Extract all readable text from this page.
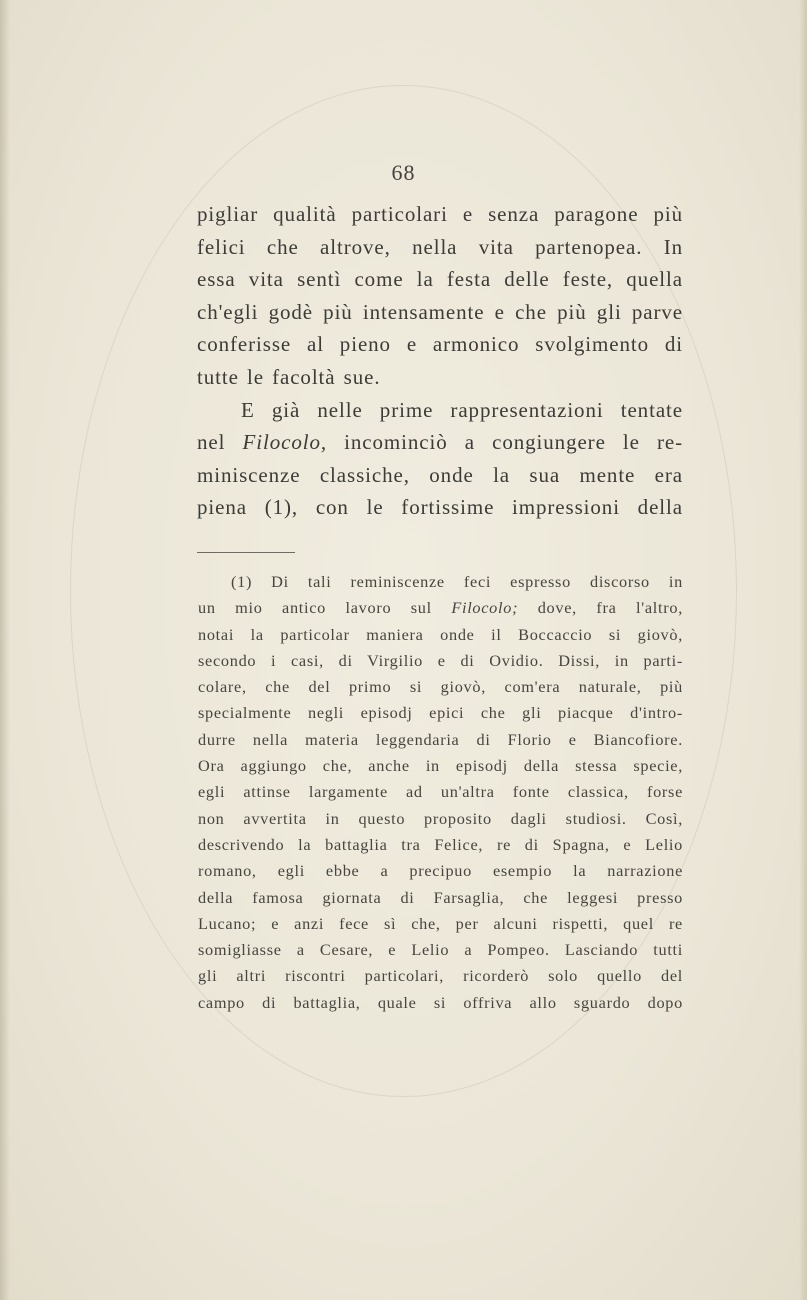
68

pigliar qualità particolari e senza paragone più

felici che altrove, nella vita partenopea. In

essa vita sentì come la festa delle feste, quella

ch'egli godè più intensamente e che più gli parve

conferisse al pieno e armonico svolgimento di

tutte le facoltà sue.

E già nelle prime rappresentazioni tentate

nel Filocolo, incominciò a congiungere le re-

miniscenze classiche, onde la sua mente era

piena (1), con le fortissime impressioni della

(1) Di tali reminiscenze feci espresso discorso in
un mio antico lavoro sul Filocolo; dove, fra l'altro,
notai la particolar maniera onde il Boccaccio si giovò,
secondo i casi, di Virgilio e di Ovidio. Dissi, in parti-
colare, che del primo si giovò, com'era naturale, più
specialmente negli episodj epici che gli piacque d'intro-
durre nella materia leggendaria di Florio e Biancofiore.
Ora aggiungo che, anche in episodj della stessa specie,
egli attinse largamente ad un'altra fonte classica, forse
non avvertita in questo proposito dagli studiosi. Così,
descrivendo la battaglia tra Felice, re di Spagna, e Lelio
romano, egli ebbe a precipuo esempio la narrazione
della famosa giornata di Farsaglia, che leggesi presso
Lucano; e anzi fece sì che, per alcuni rispetti, quel re
somigliasse a Cesare, e Lelio a Pompeo. Lasciando tutti
gli altri riscontri particolari, ricorderò solo quello del
campo di battaglia, quale si offriva allo sguardo dopo
